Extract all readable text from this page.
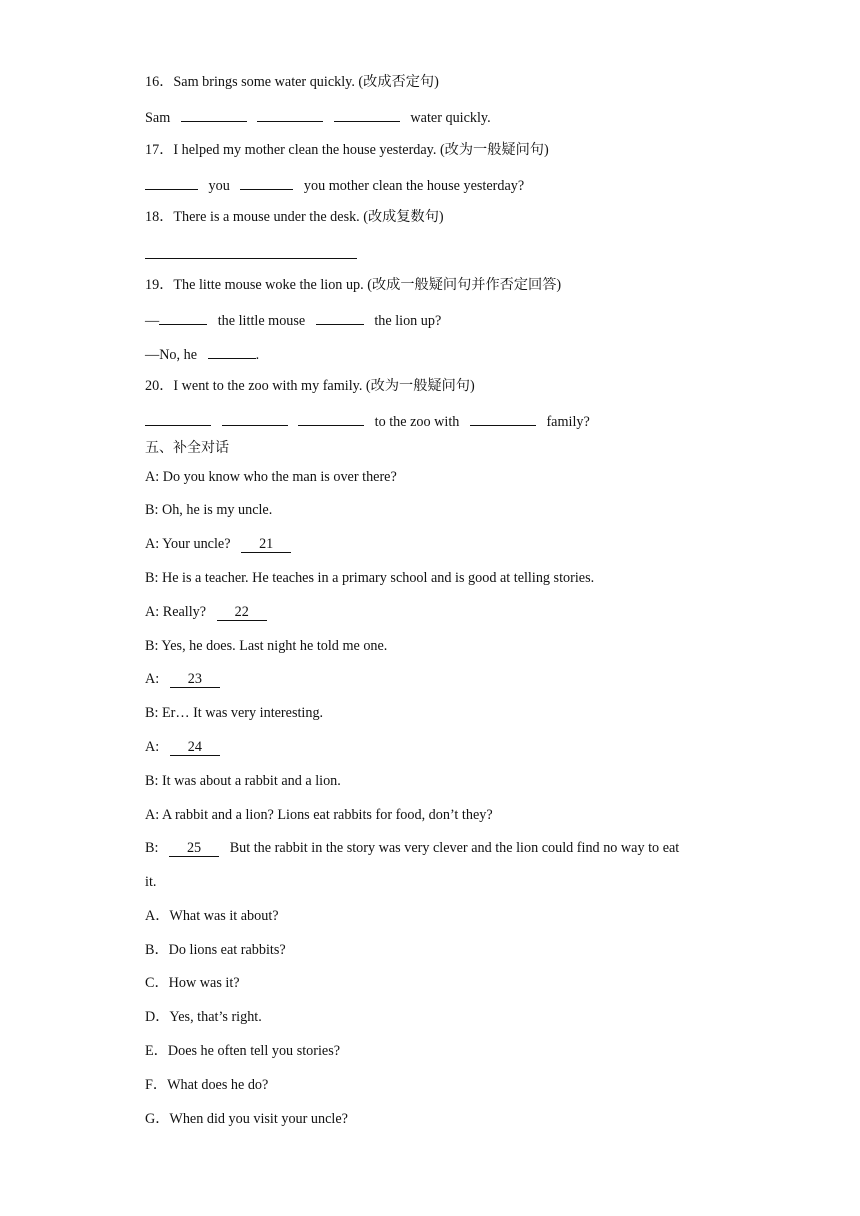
16．Sam brings some water quickly. (改成否定句)
Sam	water quickly.
17．I helped my mother clean the house yesterday. (改为一般疑问句)
you	you mother clean the house yesterday?
18．There is a mouse under the desk. (改成复数句)
19．The litte mouse woke the lion up. (改成一般疑问句并作否定回答)
—	the little mouse	the lion up?
—No, he	.
20．I went to the zoo with my family. (改为一般疑问句)
to the zoo with	family?
五、补全对话
A: Do you know who the man is over there?
B: Oh, he is my uncle.
A: Your uncle? 21
B: He is a teacher. He teaches in a primary school and is good at telling stories.
A: Really? 22
B: Yes, he does. Last night he told me one.
A: 23
B: Er… It was very interesting.
A: 24
B: It was about a rabbit and a lion.
A: A rabbit and a lion? Lions eat rabbits for food, don’t they?
B: 25 But the rabbit in the story was very clever and the lion could find no way to eat
it.
A．What was it about?
B．Do lions eat rabbits?
C．How was it?
D．Yes, that’s right.
E．Does he often tell you stories?
F．What does he do?
G．When did you visit your uncle?
